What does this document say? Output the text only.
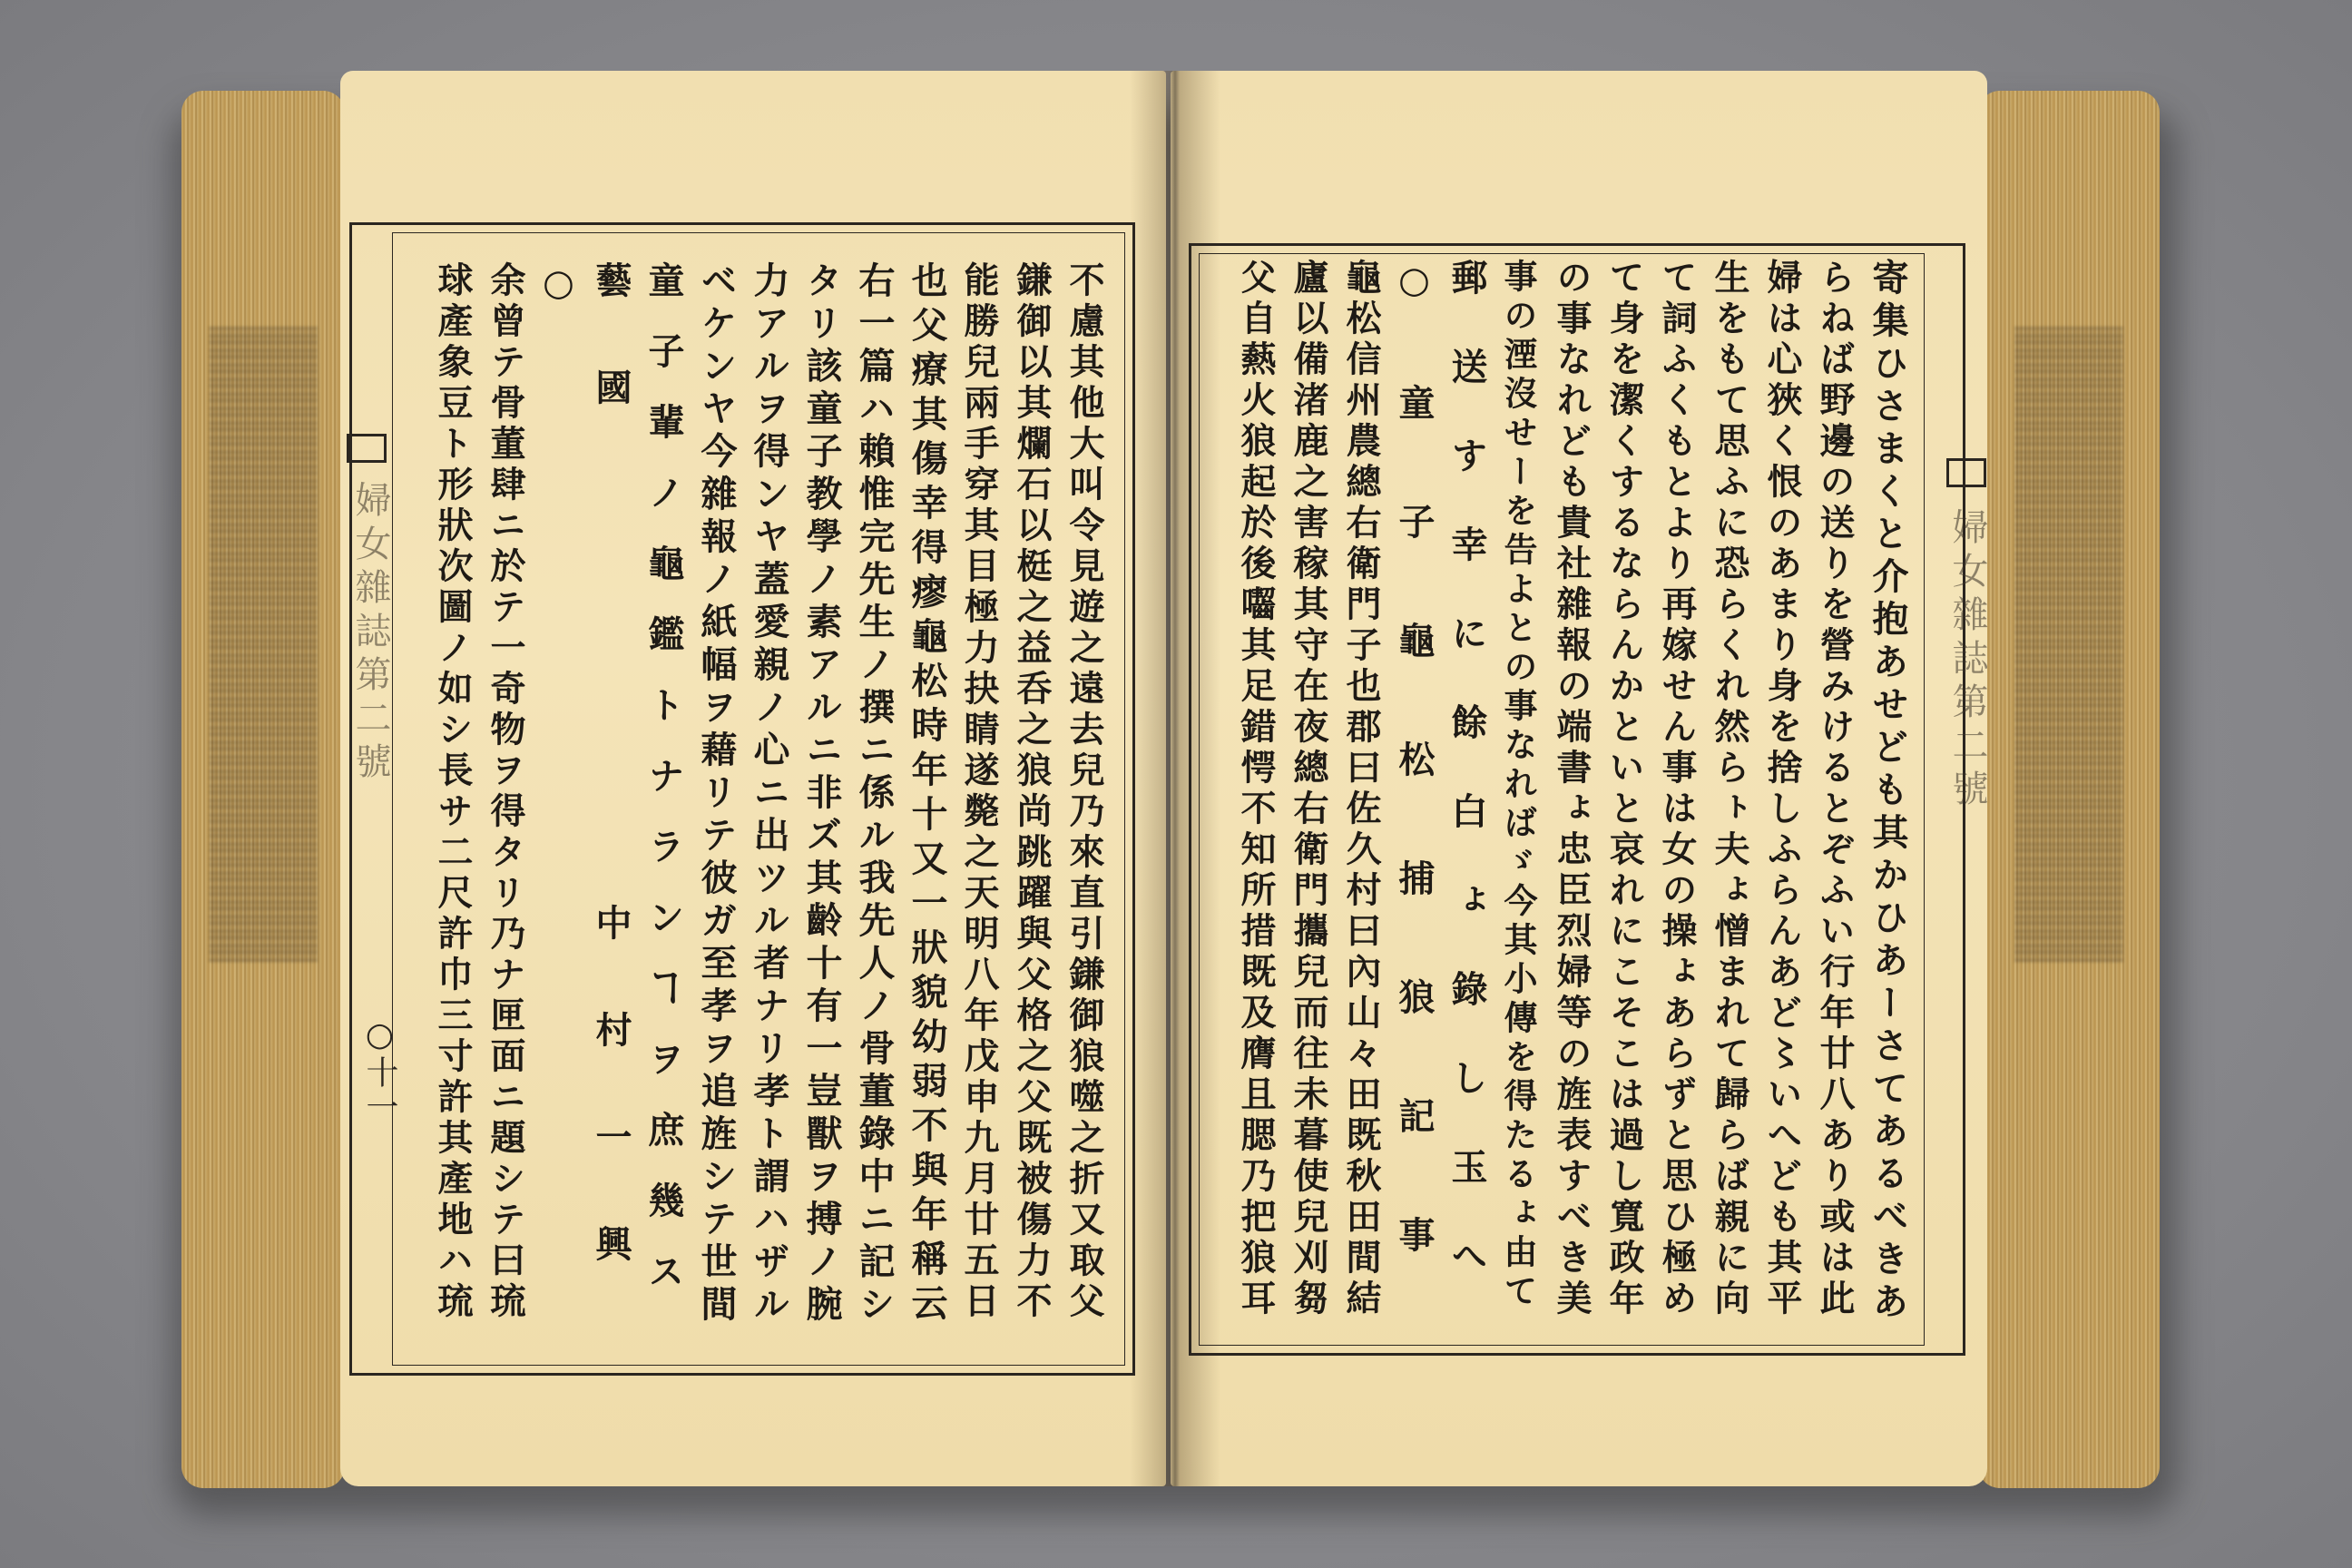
婦女雜誌第二號
○十一	不慮其他大叫令見遊之遠去兒乃來直引鎌御狼噬之折又取父
鎌御以其爛石以梃之益呑之狼尚跳躍與父格之父既被傷力不
能勝兒兩手穿其目極力抉睛遂斃之天明八年戊申九月廿五日
也父療其傷幸得瘳龜松時年十又一狀貌幼弱不與年稱云
右一篇ハ賴惟完先生ノ撰ニ係ル我先人ノ骨董錄中ニ記シ
タリ該童子教學ノ素アルニ非ズ其齡十有一豈獸ヲ搏ノ腕
力アルヲ得ンヤ蓋愛親ノ心ニ出ツル者ナリ孝ト謂ハザル
ベケンヤ今雜報ノ紙幅ヲ藉リテ彼ガ至孝ヲ追旌シテ世間
童子輩ノ龜鑑トナランヿヲ庶幾ス
藝國　　　　中村一興
○
余曾テ骨董肆ニ於テ一奇物ヲ得タリ乃ナ匣面ニ題シテ曰琉
球產象豆ト形狀次圖ノ如シ長サ二尺許巾三寸許其產地ハ琉	婦女雜誌第二號
寄集ひさまくと介抱あせども其かひあーさてあるべきあ
らねば野邊の送りを營みけるとぞふい行年廿八あり或は此
婦は心狹く恨のあまり身を捨しふらんあど〻いへども其平
生をもて思ふに恐らくれ然らㇳ夫ょ憎まれて歸らば親に向
て詞ふくもとより再嫁せん事は女の操ょあらずと思ひ極め
て身を潔くするならんかといと哀れにこそこは過し寬政年
の事なれども貴社雜報の端書ょ忠臣烈婦等の旌表すべき美
事の湮沒せーを告よとの事なればゞ今其小傳を得たるょ由て
郵送す幸に餘白ょ錄し玉へ
○童子龜松捕狼記事
龜松信州農總右衛門子也郡曰佐久村曰內山々田既秋田間結
廬以備渚鹿之害稼其守在夜總右衛門攜兒而往未暮使兒刈芻
父自爇火狼起於後囓其足錯愕不知所措既及膺且腮乃把狼耳
